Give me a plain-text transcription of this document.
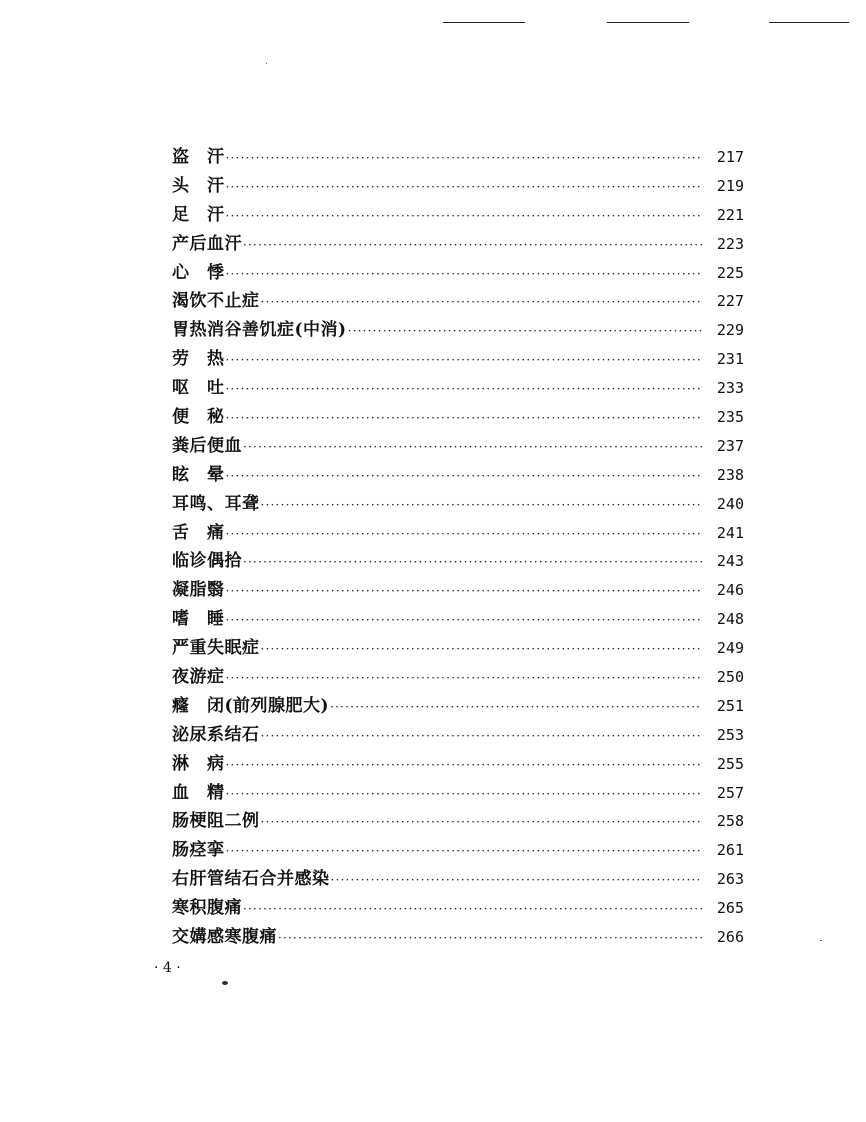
盗　汗 ·····	217
头　汗 ·····	219
足　汗 ·····	221
产后血汗 ·····	223
心　悸 ·····	225
渴饮不止症 ·····	227
胃热消谷善饥症(中消) ·····	229
劳　热 ·····	231
呕　吐 ·····	233
便　秘 ·····	235
粪后便血 ·····	237
眩　晕 ·····	238
耳鸣、耳聋 ·····	240
舌　痛 ·····	241
临诊偶拾 ·····	243
凝脂翳 ·····	246
嗜　睡 ·····	248
严重失眠症 ·····	249
夜游症 ·····	250
癃　闭(前列腺肥大) ·····	251
泌尿系结石 ·····	253
淋　病 ·····	255
血　精 ·····	257
肠梗阻二例 ·····	258
肠痉挛 ·····	261
右肝管结石合并感染 ·····	263
寒积腹痛 ·····	265
交媾感寒腹痛 ·····	266
· 4 ·
